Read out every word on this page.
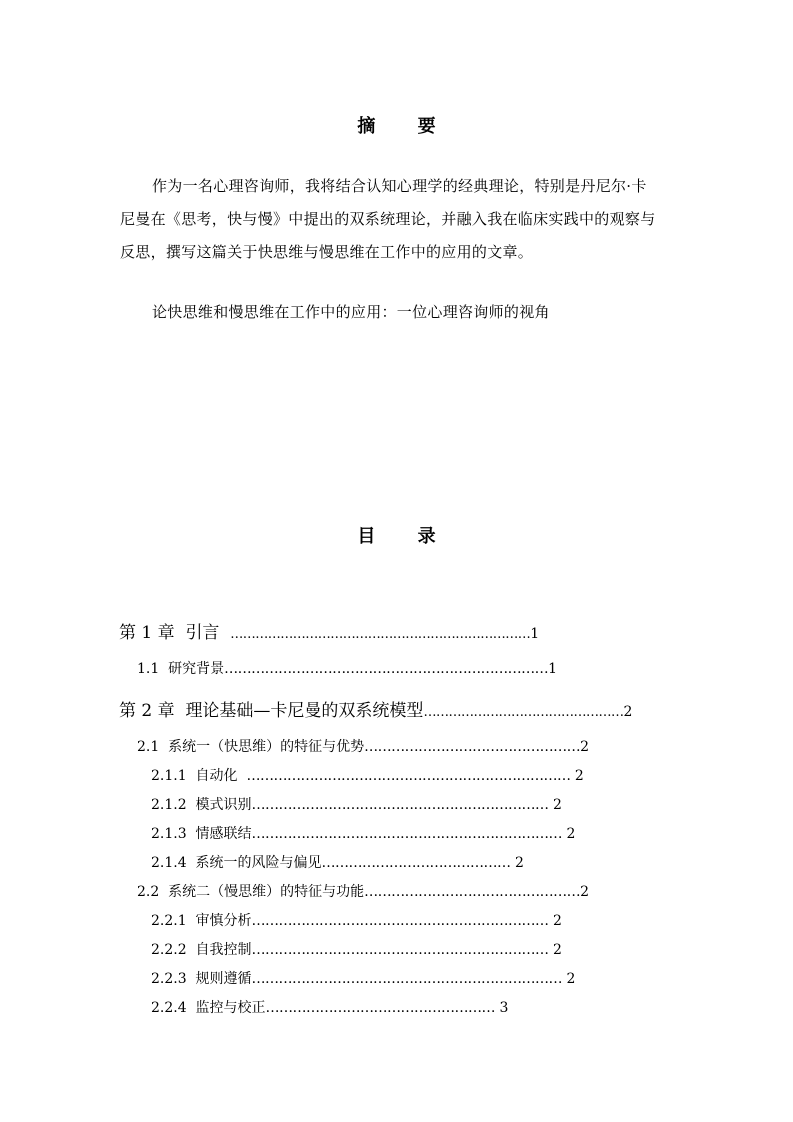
摘 要
作为一名心理咨询师，我将结合认知心理学的经典理论，特别是丹尼尔·卡
尼曼在《思考，快与慢》中提出的双系统理论，并融入我在临床实践中的观察与
反思，撰写这篇关于快思维与慢思维在工作中的应用的文章。
论快思维和慢思维在工作中的应用：一位心理咨询师的视角
目 录
第 1 章 引言 ………………………………………………………………1
1.1 研究背景………………………………………………………………1
第 2 章 理论基础—卡尼曼的双系统模型…………………………………………2
2.1 系统一（快思维）的特征与优势…………………………………………2
2.1.1 自动化 ……………………………………………………………… 2
2.1.2 模式识别………………………………………………………… 2
2.1.3 情感联结…………………………………………………………… 2
2.1.4 系统一的风险与偏见…………………………………… 2
2.2 系统二（慢思维）的特征与功能…………………………………………2
2.2.1 审慎分析………………………………………………………… 2
2.2.2 自我控制………………………………………………………… 2
2.2.3 规则遵循…………………………………………………………… 2
2.2.4 监控与校正…………………………………………… 3
